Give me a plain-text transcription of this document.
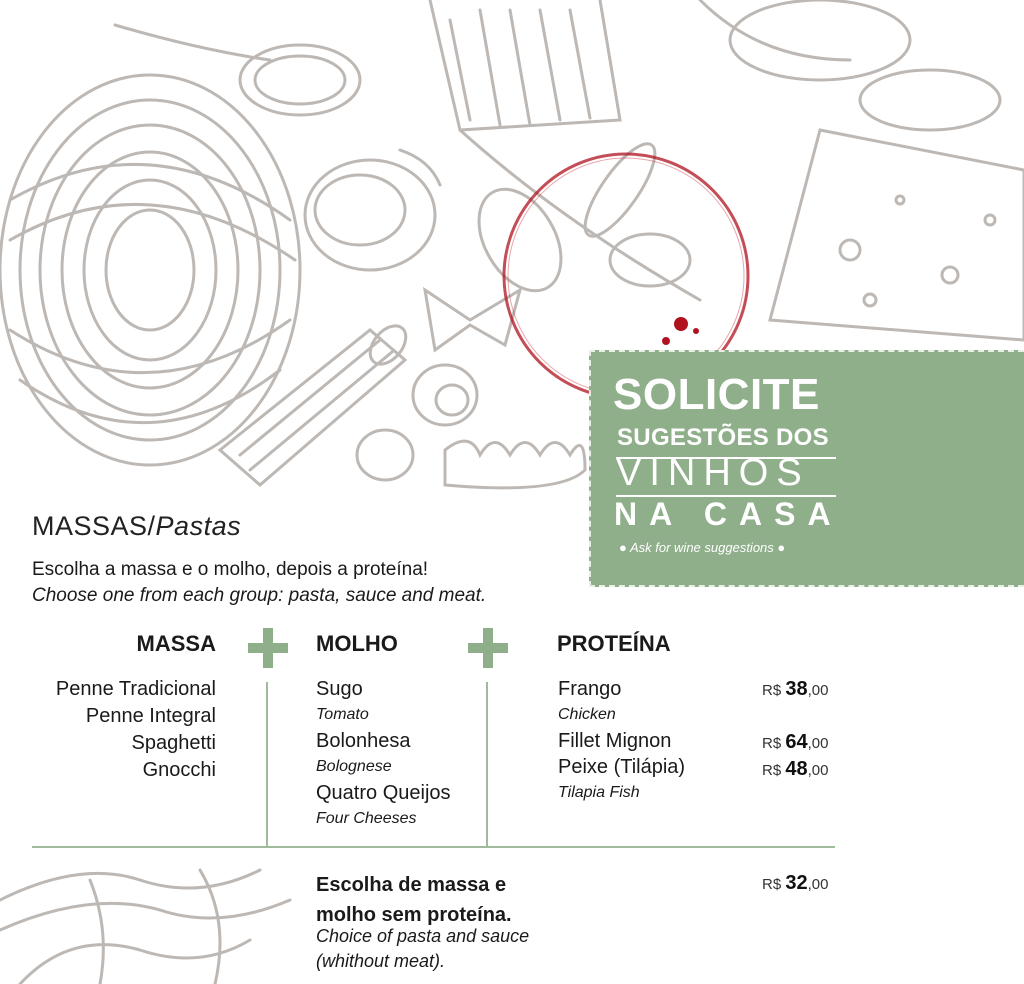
SOLICITE
SUGESTÕES DOS
VINHOS
NA CASA
● Ask for wine suggestions ●
MASSAS/Pastas
Escolha a massa e o molho, depois a proteína!
Choose one from each group: pasta, sauce and meat.
MASSA	MOLHO	PROTEÍNA
Penne Tradicional
Penne Integral
Spaghetti
Gnocchi
Sugo
Tomato
Bolonhesa
Bolognese
Quatro Queijos
Four Cheeses
Frango
Chicken
Fillet Mignon
Peixe (Tilápia)
Tilapia Fish
R$ 38,00
R$ 64,00
R$ 48,00
Escolha de massa e
molho sem proteína.
Choice of pasta and sauce
(whithout meat).
R$ 32,00
